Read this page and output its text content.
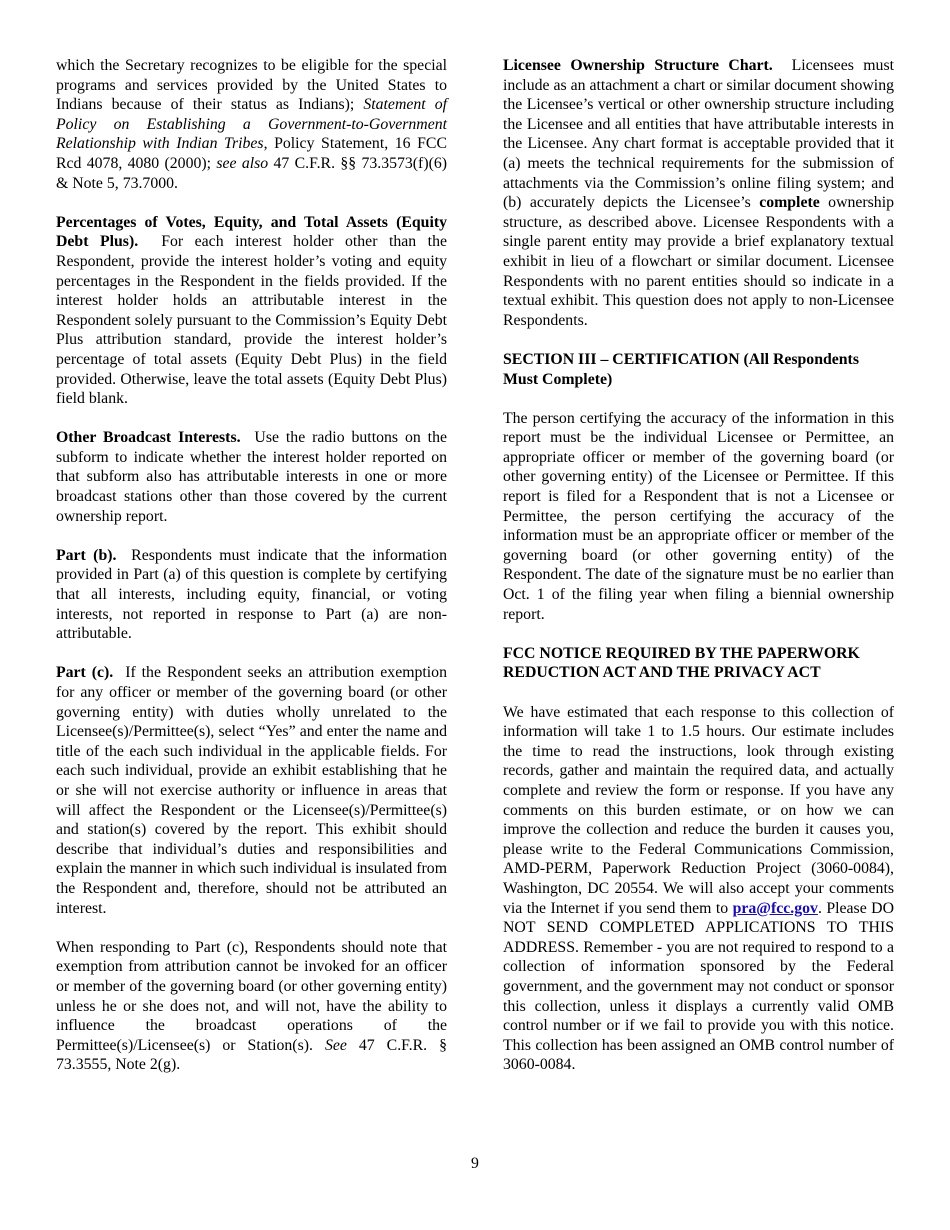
which the Secretary recognizes to be eligible for the special programs and services provided by the United States to Indians because of their status as Indians); Statement of Policy on Establishing a Government-to-Government Relationship with Indian Tribes, Policy Statement, 16 FCC Rcd 4078, 4080 (2000); see also 47 C.F.R. §§ 73.3573(f)(6) & Note 5, 73.7000.

Percentages of Votes, Equity, and Total Assets (Equity Debt Plus). For each interest holder other than the Respondent, provide the interest holder’s voting and equity percentages in the Respondent in the fields provided. If the interest holder holds an attributable interest in the Respondent solely pursuant to the Commission’s Equity Debt Plus attribution standard, provide the interest holder’s percentage of total assets (Equity Debt Plus) in the field provided. Otherwise, leave the total assets (Equity Debt Plus) field blank.

Other Broadcast Interests. Use the radio buttons on the subform to indicate whether the interest holder reported on that subform also has attributable interests in one or more broadcast stations other than those covered by the current ownership report.

Part (b). Respondents must indicate that the information provided in Part (a) of this question is complete by certifying that all interests, including equity, financial, or voting interests, not reported in response to Part (a) are non-attributable.

Part (c). If the Respondent seeks an attribution exemption for any officer or member of the governing board (or other governing entity) with duties wholly unrelated to the Licensee(s)/Permittee(s), select “Yes” and enter the name and title of the each such individual in the applicable fields. For each such individual, provide an exhibit establishing that he or she will not exercise authority or influence in areas that will affect the Respondent or the Licensee(s)/Permittee(s) and station(s) covered by the report. This exhibit should describe that individual’s duties and responsibilities and explain the manner in which such individual is insulated from the Respondent and, therefore, should not be attributed an interest.

When responding to Part (c), Respondents should note that exemption from attribution cannot be invoked for an officer or member of the governing board (or other governing entity) unless he or she does not, and will not, have the ability to influence the broadcast operations of the Permittee(s)/Licensee(s) or Station(s). See 47 C.F.R. § 73.3555, Note 2(g).

Licensee Ownership Structure Chart. Licensees must include as an attachment a chart or similar document showing the Licensee’s vertical or other ownership structure including the Licensee and all entities that have attributable interests in the Licensee. Any chart format is acceptable provided that it (a) meets the technical requirements for the submission of attachments via the Commission’s online filing system; and (b) accurately depicts the Licensee’s complete ownership structure, as described above. Licensee Respondents with a single parent entity may provide a brief explanatory textual exhibit in lieu of a flowchart or similar document. Licensee Respondents with no parent entities should so indicate in a textual exhibit. This question does not apply to non-Licensee Respondents.

SECTION III – CERTIFICATION (All Respondents Must Complete)

The person certifying the accuracy of the information in this report must be the individual Licensee or Permittee, an appropriate officer or member of the governing board (or other governing entity) of the Licensee or Permittee. If this report is filed for a Respondent that is not a Licensee or Permittee, the person certifying the accuracy of the information must be an appropriate officer or member of the governing board (or other governing entity) of the Respondent. The date of the signature must be no earlier than Oct. 1 of the filing year when filing a biennial ownership report.

FCC NOTICE REQUIRED BY THE PAPERWORK REDUCTION ACT AND THE PRIVACY ACT

We have estimated that each response to this collection of information will take 1 to 1.5 hours. Our estimate includes the time to read the instructions, look through existing records, gather and maintain the required data, and actually complete and review the form or response. If you have any comments on this burden estimate, or on how we can improve the collection and reduce the burden it causes you, please write to the Federal Communications Commission, AMD-PERM, Paperwork Reduction Project (3060-0084), Washington, DC 20554. We will also accept your comments via the Internet if you send them to pra@fcc.gov. Please DO NOT SEND COMPLETED APPLICATIONS TO THIS ADDRESS. Remember - you are not required to respond to a collection of information sponsored by the Federal government, and the government may not conduct or sponsor this collection, unless it displays a currently valid OMB control number or if we fail to provide you with this notice. This collection has been assigned an OMB control number of 3060-0084.

9
